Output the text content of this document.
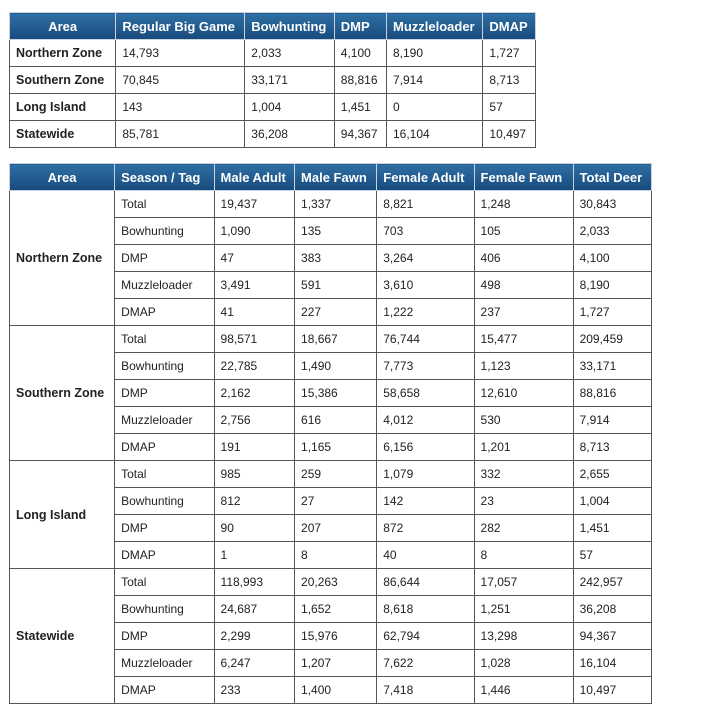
Area	Regular Big Game	Bowhunting	DMP	Muzzleloader	DMAP
Northern Zone	14,793	2,033	4,100	8,190	1,727
Southern Zone	70,845	33,171	88,816	7,914	8,713
Long Island	143	1,004	1,451	0	57
Statewide	85,781	36,208	94,367	16,104	10,497
Area	Season / Tag	Male Adult	Male Fawn	Female Adult	Female Fawn	Total Deer
Northern Zone	Total	19,437	1,337	8,821	1,248	30,843
	Bowhunting	1,090	135	703	105	2,033
	DMP	47	383	3,264	406	4,100
	Muzzleloader	3,491	591	3,610	498	8,190
	DMAP	41	227	1,222	237	1,727
Southern Zone	Total	98,571	18,667	76,744	15,477	209,459
	Bowhunting	22,785	1,490	7,773	1,123	33,171
	DMP	2,162	15,386	58,658	12,610	88,816
	Muzzleloader	2,756	616	4,012	530	7,914
	DMAP	191	1,165	6,156	1,201	8,713
Long Island	Total	985	259	1,079	332	2,655
	Bowhunting	812	27	142	23	1,004
	DMP	90	207	872	282	1,451
	DMAP	1	8	40	8	57
Statewide	Total	118,993	20,263	86,644	17,057	242,957
	Bowhunting	24,687	1,652	8,618	1,251	36,208
	DMP	2,299	15,976	62,794	13,298	94,367
	Muzzleloader	6,247	1,207	7,622	1,028	16,104
	DMAP	233	1,400	7,418	1,446	10,497
